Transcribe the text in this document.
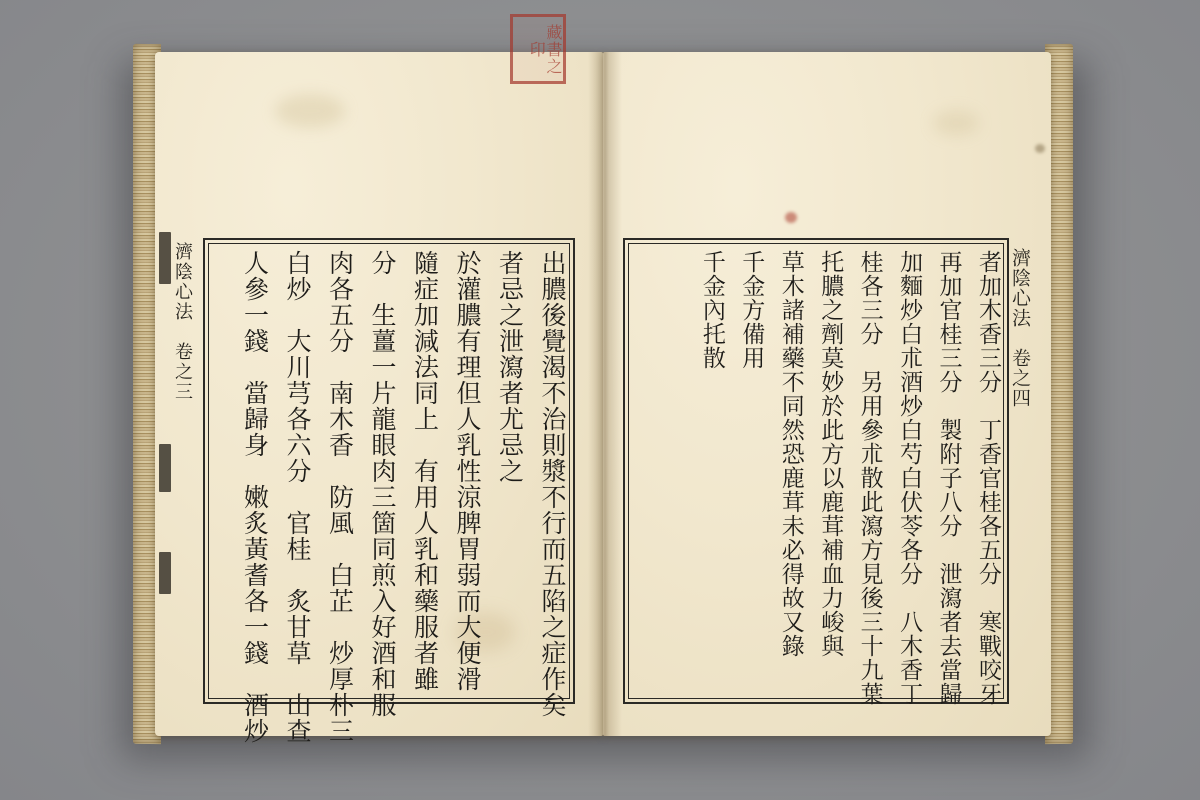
濟陰心法　卷之三	出膿後覺渴不治則漿不行而五陷之症作矣
者忌之泄瀉者尤忌之
於灌膿有理但人乳性涼脾胃弱而大便滑
隨症加減法同上　有用人乳和藥服者雖
分　生薑一片龍眼肉三箇同煎入好酒和服
肉各五分　南木香　防風　白芷　炒厚朴三
白炒　大川芎各六分　官桂　炙甘草　山查
人參一錢　當歸身　嫩炙黃耆各一錢　酒炒	濟陰心法　卷之四
者加木香三分　丁香官桂各五分　寒戰咬牙
再加官桂三分　製附子八分　泄瀉者去當歸
加麵炒白朮酒炒白芍白伏苓各分　八木香丁
桂各三分　另用參朮散此瀉方見後三十九葉
托膿之劑莫妙於此方以鹿茸補血力峻與
草木諸補藥不同然恐鹿茸未必得故又錄
千金方備用
千金內托散
藏書之印
